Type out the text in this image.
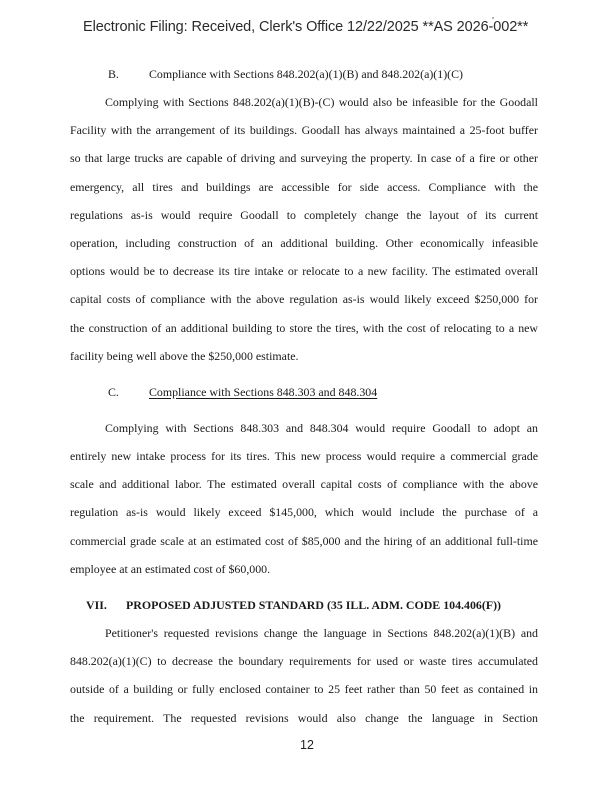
Electronic Filing: Received, Clerk's Office 12/22/2025 **AS 2026-002**
B.	Compliance with Sections 848.202(a)(1)(B) and 848.202(a)(1)(C)
Complying with Sections 848.202(a)(1)(B)-(C) would also be infeasible for the Goodall
Facility with the arrangement of its buildings. Goodall has always maintained a 25-foot buffer
so that large trucks are capable of driving and surveying the property. In case of a fire or other
emergency, all tires and buildings are accessible for side access. Compliance with the
regulations as-is would require Goodall to completely change the layout of its current
operation, including construction of an additional building. Other economically infeasible
options would be to decrease its tire intake or relocate to a new facility. The estimated overall
capital costs of compliance with the above regulation as-is would likely exceed $250,000 for
the construction of an additional building to store the tires, with the cost of relocating to a new
facility being well above the $250,000 estimate.
C.	Compliance with Sections 848.303 and 848.304
Complying with Sections 848.303 and 848.304 would require Goodall to adopt an
entirely new intake process for its tires. This new process would require a commercial grade
scale and additional labor. The estimated overall capital costs of compliance with the above
regulation as-is would likely exceed $145,000, which would include the purchase of a
commercial grade scale at an estimated cost of $85,000 and the hiring of an additional full-time
employee at an estimated cost of $60,000.
VII. PROPOSED ADJUSTED STANDARD (35 ILL. ADM. CODE 104.406(F))
Petitioner's requested revisions change the language in Sections 848.202(a)(1)(B) and
848.202(a)(1)(C) to decrease the boundary requirements for used or waste tires accumulated
outside of a building or fully enclosed container to 25 feet rather than 50 feet as contained in
the requirement. The requested revisions would also change the language in Section
12
